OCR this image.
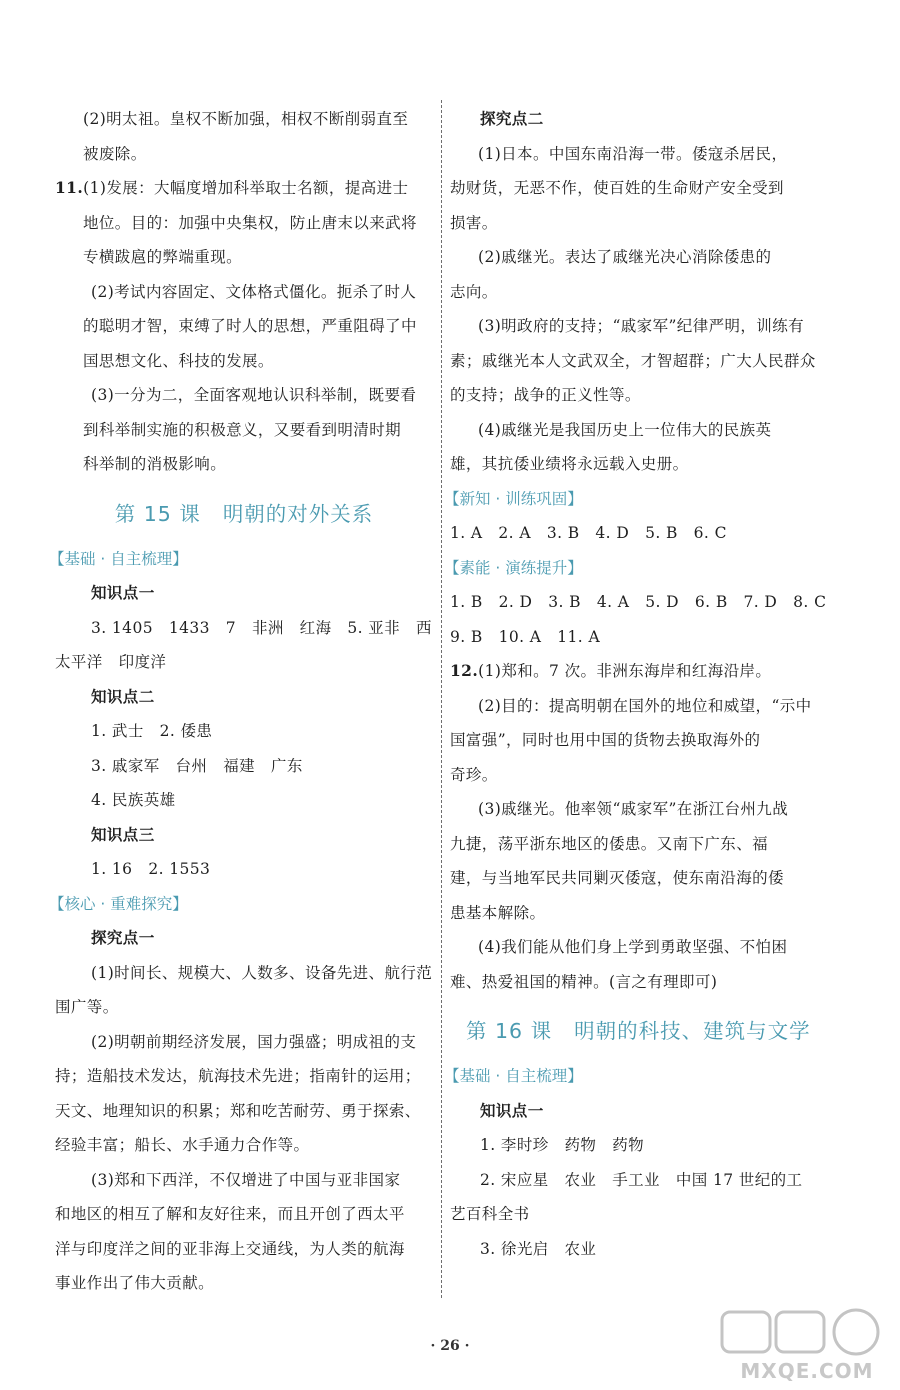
(2)明太祖。皇权不断加强，相权不断削弱直至
被废除。
11.(1)发展：大幅度增加科举取士名额，提高进士
地位。目的：加强中央集权，防止唐末以来武将
专横跋扈的弊端重现。
(2)考试内容固定、文体格式僵化。扼杀了时人
的聪明才智，束缚了时人的思想，严重阻碍了中
国思想文化、科技的发展。
(3)一分为二，全面客观地认识科举制，既要看
到科举制实施的积极意义，又要看到明清时期
科举制的消极影响。
第 15 课 明朝的对外关系
【基础 · 自主梳理】
知识点一
3. 1405　1433　7　非洲　红海　5. 亚非　西
太平洋　印度洋
知识点二
1. 武士　2. 倭患
3. 戚家军　台州　福建　广东
4. 民族英雄
知识点三
1. 16　2. 1553
【核心 · 重难探究】
探究点一
(1)时间长、规模大、人数多、设备先进、航行范
围广等。
(2)明朝前期经济发展，国力强盛；明成祖的支
持；造船技术发达，航海技术先进；指南针的运用；
天文、地理知识的积累；郑和吃苦耐劳、勇于探索、
经验丰富；船长、水手通力合作等。
(3)郑和下西洋，不仅增进了中国与亚非国家
和地区的相互了解和友好往来，而且开创了西太平
洋与印度洋之间的亚非海上交通线，为人类的航海
事业作出了伟大贡献。
探究点二
(1)日本。中国东南沿海一带。倭寇杀居民，
劫财货，无恶不作，使百姓的生命财产安全受到
损害。
(2)戚继光。表达了戚继光决心消除倭患的
志向。
(3)明政府的支持；“戚家军”纪律严明，训练有
素；戚继光本人文武双全，才智超群；广大人民群众
的支持；战争的正义性等。
(4)戚继光是我国历史上一位伟大的民族英
雄，其抗倭业绩将永远载入史册。
【新知 · 训练巩固】
1. A　2. A　3. B　4. D　5. B　6. C
【素能 · 演练提升】
1. B　2. D　3. B　4. A　5. D　6. B　7. D　8. C
9. B　10. A　11. A
12.(1)郑和。7 次。非洲东海岸和红海沿岸。
(2)目的：提高明朝在国外的地位和威望，“示中
国富强”，同时也用中国的货物去换取海外的
奇珍。
(3)戚继光。他率领“戚家军”在浙江台州九战
九捷，荡平浙东地区的倭患。又南下广东、福
建，与当地军民共同剿灭倭寇，使东南沿海的倭
患基本解除。
(4)我们能从他们身上学到勇敢坚强、不怕困
难、热爱祖国的精神。(言之有理即可)
第 16 课 明朝的科技、建筑与文学
【基础 · 自主梳理】
知识点一
1. 李时珍　药物　药物
2. 宋应星　农业　手工业　中国 17 世纪的工
艺百科全书
3. 徐光启　农业
· 26 ·
MXQE.COM
